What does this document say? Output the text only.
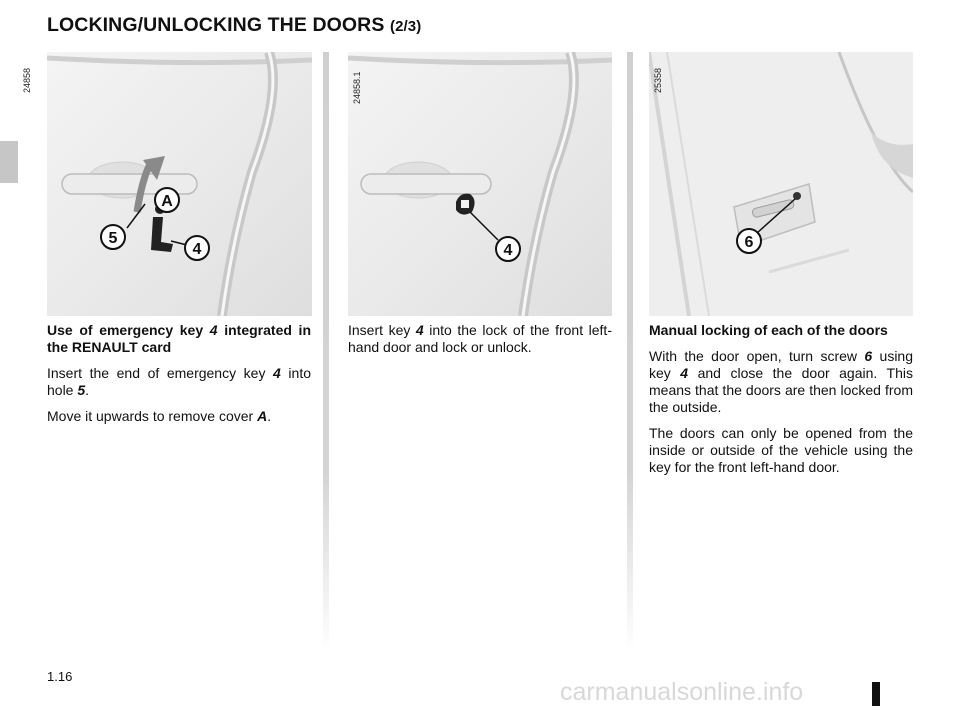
LOCKING/UNLOCKING THE DOORS (2/3)
A
5
4
24858
4
24858.1
6
25358

Use of emergency key 4 integrated in the RENAULT card

Insert the end of emergency key 4 into hole 5.

Move it upwards to remove cover A.

Insert key 4 into the lock of the front left-hand door and lock or unlock.

Manual locking of each of the doors

With the door open, turn screw 6 using key 4 and close the door again. This means that the doors are then locked from the outside.

The doors can only be opened from the inside or outside of the vehicle using the key for the front left-hand door.

1.16
carmanualsonline.info
